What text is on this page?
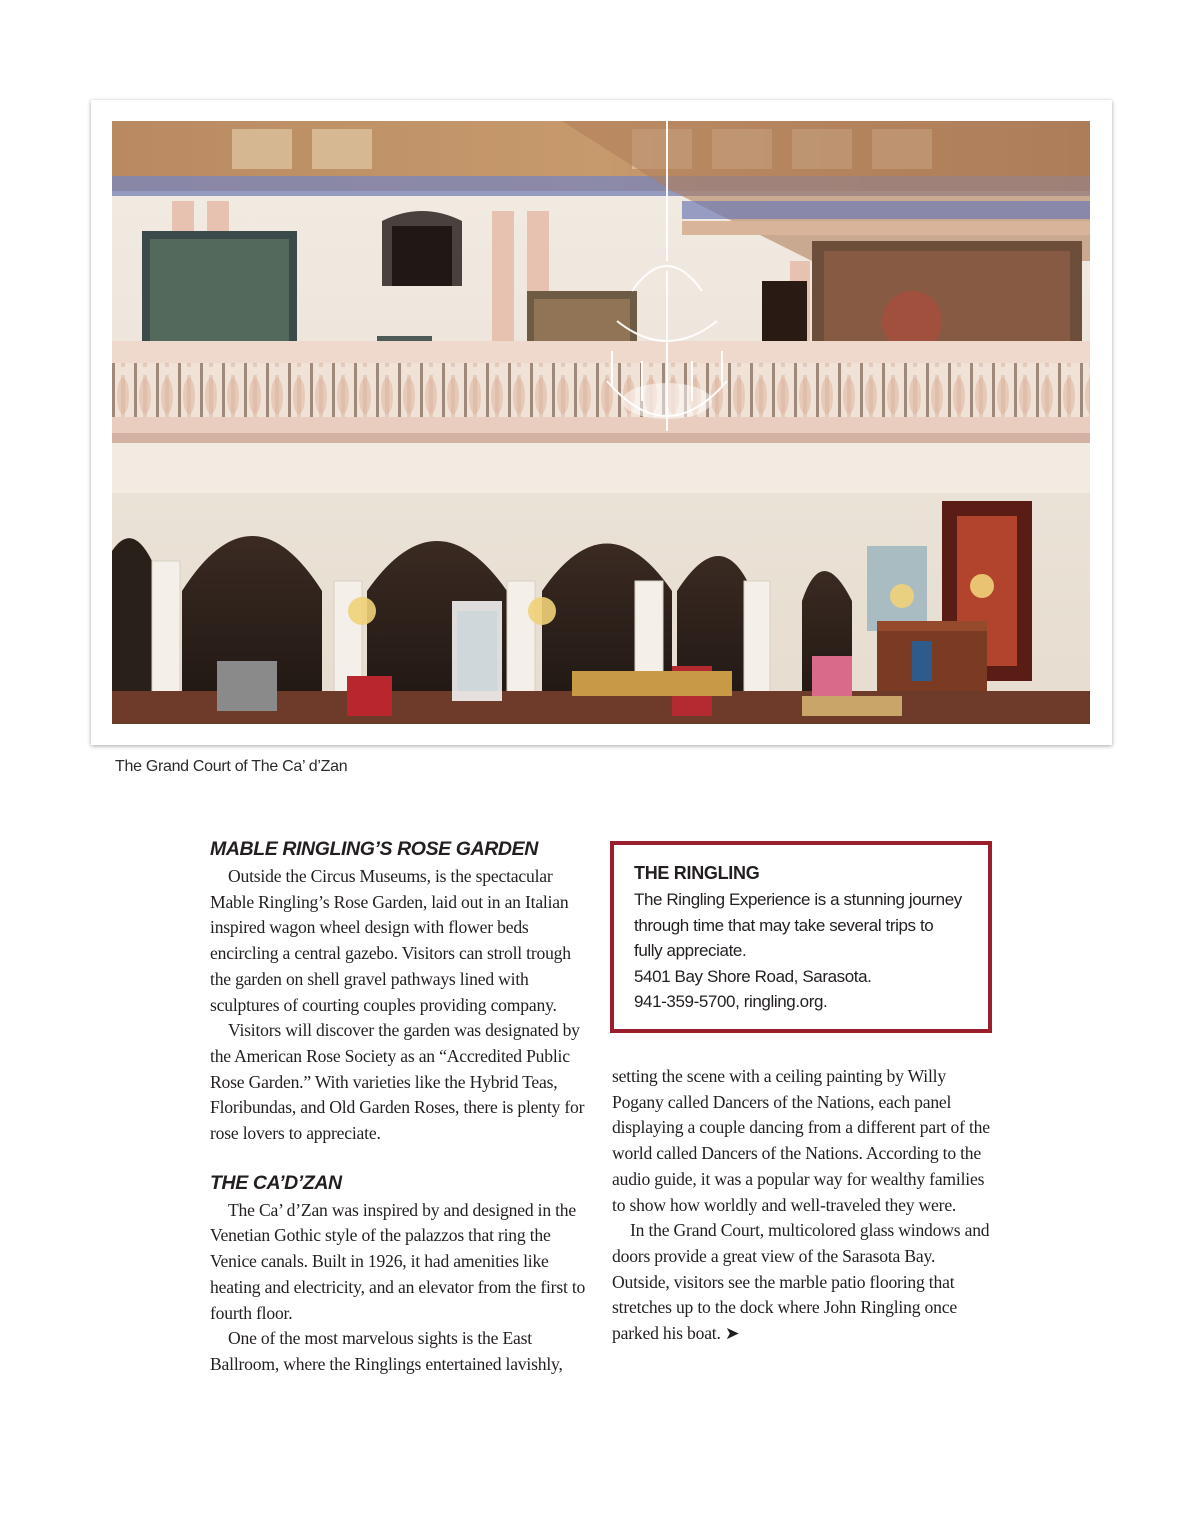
The Grand Court of The Ca’ d’Zan
MABLE RINGLING’S ROSE GARDEN

Outside the Circus Museums, is the spectacular Mable Ringling’s Rose Garden, laid out in an Italian inspired wagon wheel design with flower beds encircling a central gazebo. Visitors can stroll trough the garden on shell gravel pathways lined with sculptures of courting couples providing company.

Visitors will discover the garden was designated by the American Rose Society as an “Accredited Public Rose Garden.” With varieties like the Hybrid Teas, Floribundas, and Old Garden Roses, there is plenty for rose lovers to appreciate.

THE CA’D’ZAN

The Ca’ d’Zan was inspired by and designed in the Venetian Gothic style of the palazzos that ring the Venice canals. Built in 1926, it had amenities like heating and electricity, and an elevator from the first to fourth floor.

One of the most marvelous sights is the East Ballroom, where the Ringlings entertained lavishly,

THE RINGLING

The Ringling Experience is a stunning journey

through time that may take several trips to

fully appreciate.

5401 Bay Shore Road, Sarasota.

941-359-5700, ringling.org.

setting the scene with a ceiling painting by Willy Pogany called Dancers of the Nations, each panel displaying a couple dancing from a different part of the world called Dancers of the Nations. According to the audio guide, it was a popular way for wealthy families to show how worldly and well-traveled they were.

In the Grand Court, multicolored glass windows and doors provide a great view of the Sarasota Bay. Outside, visitors see the marble patio flooring that stretches up to the dock where John Ringling once parked his boat. ➤
